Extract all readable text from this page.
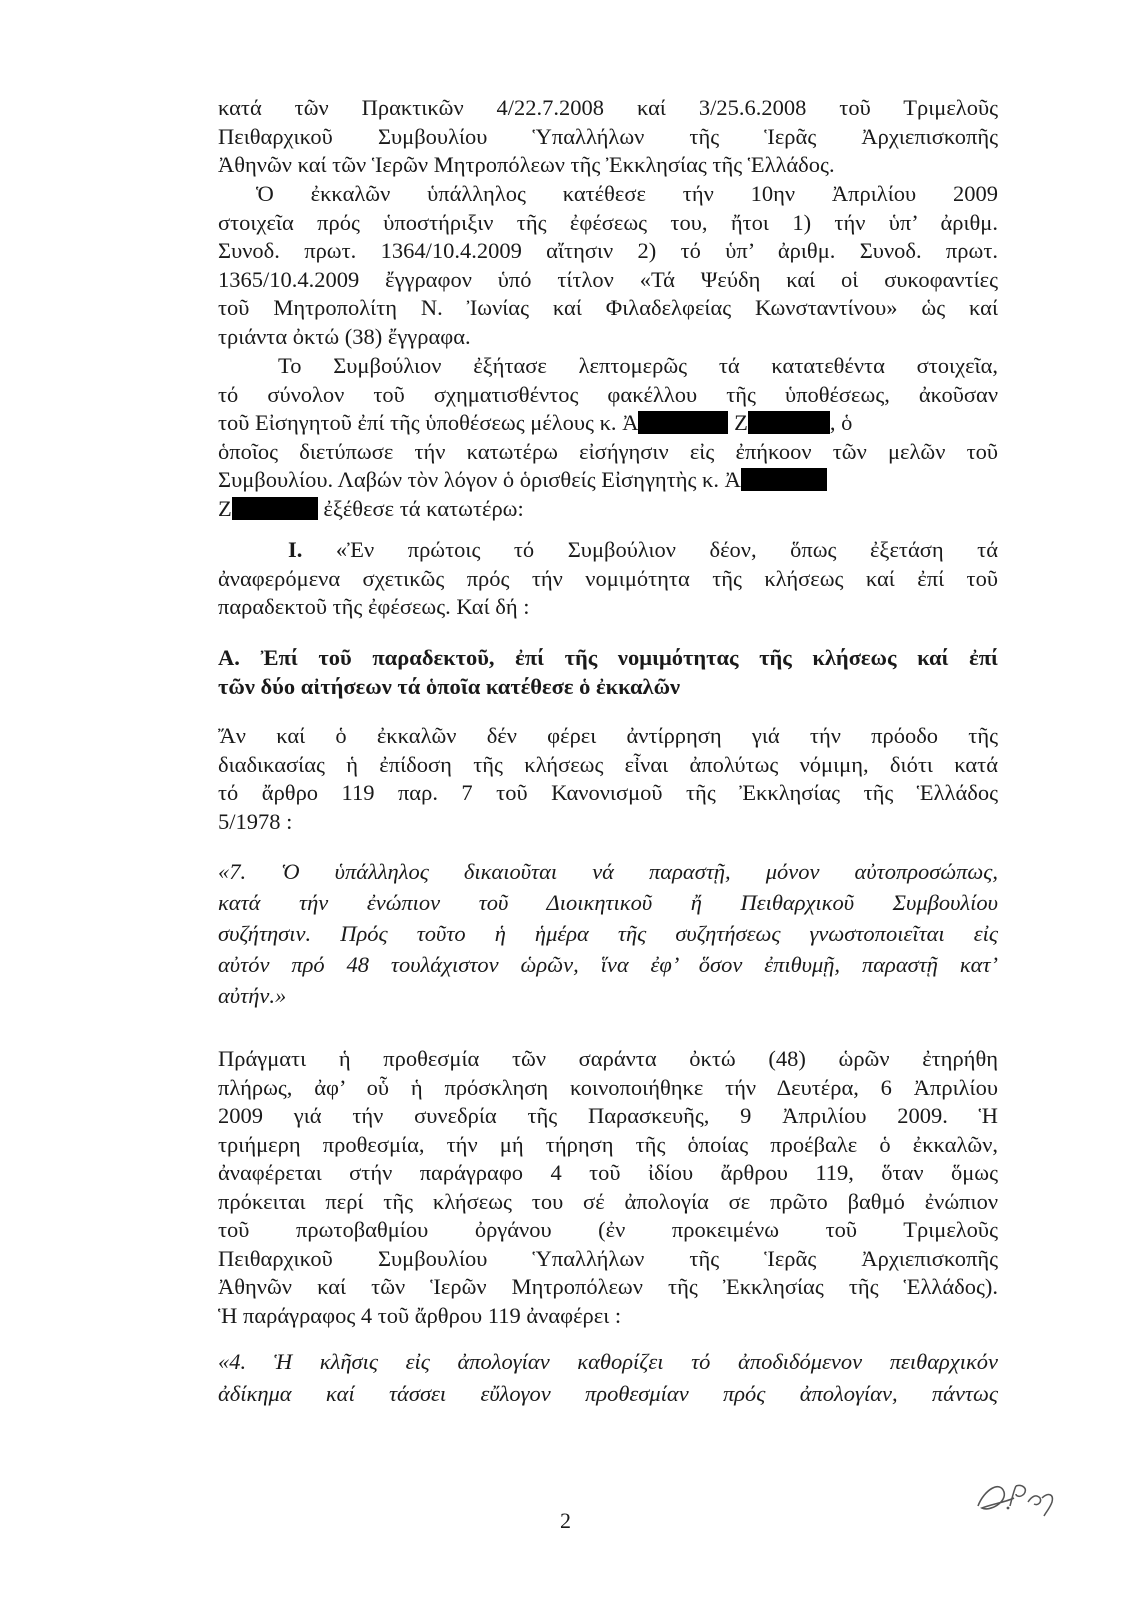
κατά τῶν Πρακτικῶν 4/22.7.2008 καί 3/25.6.2008 τοῦ Τριμελοῦς
Πειθαρχικοῦ Συμβουλίου Ὑπαλλήλων τῆς Ἱερᾶς Ἀρχιεπισκοπῆς
Ἀθηνῶν καί τῶν Ἱερῶν Μητροπόλεων τῆς Ἐκκλησίας τῆς Ἑλλάδος.
Ὁ ἐκκαλῶν ὑπάλληλος κατέθεσε τήν 10ην Ἀπριλίου 2009
στοιχεῖα πρός ὑποστήριξιν τῆς ἐφέσεως του, ἤτοι 1) τήν ὑπ’ ἀριθμ.
Συνοδ. πρωτ. 1364/10.4.2009 αἴτησιν 2) τό ὑπ’ ἀριθμ. Συνοδ. πρωτ.
1365/10.4.2009 ἔγγραφον ὑπό τίτλον «Τά Ψεύδη καί οἱ συκοφαντίες
τοῦ Μητροπολίτη Ν. Ἰωνίας καί Φιλαδελφείας Κωνσταντίνου» ὡς καί
τριάντα ὀκτώ (38) ἔγγραφα.
Το Συμβούλιον ἐξήτασε λεπτομερῶς τά κατατεθέντα στοιχεῖα,
τό σύνολον τοῦ σχηματισθέντος φακέλλου τῆς ὑποθέσεως, ἀκοῦσαν
τοῦ Εἰσηγητοῦ ἐπί τῆς ὑποθέσεως μέλους κ. Ἀ	Ζ	, ὁ
ὁποῖος διετύπωσε τήν κατωτέρω εἰσήγησιν εἰς ἐπήκοον τῶν μελῶν τοῦ
Συμβουλίου. Λαβών τὸν λόγον ὁ ὁρισθείς Εἰσηγητὴς κ. Ἀ
Ζ	ἐξέθεσε τά κατωτέρω:
I. «Ἐν πρώτοις τό Συμβούλιον δέον, ὅπως ἐξετάση τά
ἀναφερόμενα σχετικῶς πρός τήν νομιμότητα τῆς κλήσεως καί ἐπί τοῦ
παραδεκτοῦ τῆς ἐφέσεως. Καί δή :
Α. Ἐπί τοῦ παραδεκτοῦ, ἐπί τῆς νομιμότητας τῆς κλήσεως καί ἐπί
τῶν δύο αἰτήσεων τά ὁποῖα κατέθεσε ὁ ἐκκαλῶν
Ἄν καί ὁ ἐκκαλῶν δέν φέρει ἀντίρρηση γιά τήν πρόοδο τῆς
διαδικασίας ἡ ἐπίδοση τῆς κλήσεως εἶναι ἀπολύτως νόμιμη, διότι κατά
τό ἄρθρο 119 παρ. 7 τοῦ Κανονισμοῦ τῆς Ἐκκλησίας τῆς Ἑλλάδος
5/1978 :
«7. Ὁ ὑπάλληλος δικαιοῦται νά παραστῇ, μόνον αὐτοπροσώπως,
κατά τήν ἐνώπιον τοῦ Διοικητικοῦ ἤ Πειθαρχικοῦ Συμβουλίου
συζήτησιν. Πρός τοῦτο ἡ ἡμέρα τῆς συζητήσεως γνωστοποιεῖται εἰς
αὐτόν πρό 48 τουλάχιστον ὡρῶν, ἵνα ἐφ’ ὅσον ἐπιθυμῇ, παραστῇ κατ’
αὐτήν.»
Πράγματι ἡ προθεσμία τῶν σαράντα ὀκτώ (48) ὡρῶν ἐτηρήθη
πλήρως, ἀφ’ οὗ ἡ πρόσκληση κοινοποιήθηκε τήν Δευτέρα, 6 Ἀπριλίου
2009 γιά τήν συνεδρία τῆς Παρασκευῆς, 9 Ἀπριλίου 2009. Ἡ
τριήμερη προθεσμία, τήν μή τήρηση τῆς ὁποίας προέβαλε ὁ ἐκκαλῶν,
ἀναφέρεται στήν παράγραφο 4 τοῦ ἰδίου ἄρθρου 119, ὅταν ὅμως
πρόκειται περί τῆς κλήσεως του σέ ἀπολογία σε πρῶτο βαθμό ἐνώπιον
τοῦ πρωτοβαθμίου ὀργάνου (ἐν προκειμένω τοῦ Τριμελοῦς
Πειθαρχικοῦ Συμβουλίου Ὑπαλλήλων τῆς Ἱερᾶς Ἀρχιεπισκοπῆς
Ἀθηνῶν καί τῶν Ἱερῶν Μητροπόλεων τῆς Ἐκκλησίας τῆς Ἑλλάδος).
Ἡ παράγραφος 4 τοῦ ἄρθρου 119 ἀναφέρει :
«4. Ἡ κλῆσις εἰς ἀπολογίαν καθορίζει τό ἀποδιδόμενον πειθαρχικόν
ἀδίκημα καί τάσσει εὔλογον προθεσμίαν πρός ἀπολογίαν, πάντως
2
